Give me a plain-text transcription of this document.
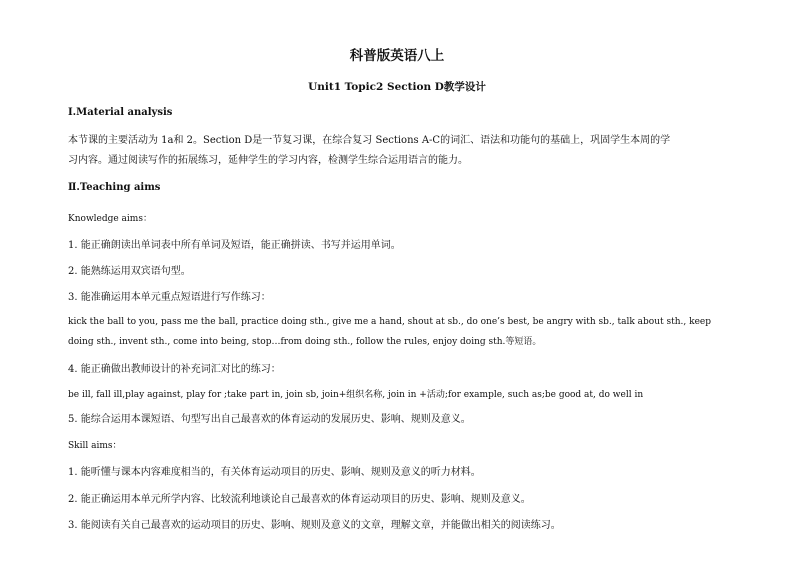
科普版英语八上
Unit1 Topic2 Section D教学设计
Ⅰ.Material analysis
本节课的主要活动为 1a和 2。Section D是一节复习课，在综合复习 Sections A-C的词汇、语法和功能句的基础上，巩固学生本周的学
习内容。通过阅读写作的拓展练习，延伸学生的学习内容，检测学生综合运用语言的能力。
Ⅱ.Teaching aims
Knowledge aims：
1. 能正确朗读出单词表中所有单词及短语，能正确拼读、书写并运用单词。
2. 能熟练运用双宾语句型。
3. 能准确运用本单元重点短语进行写作练习：
kick the ball to you, pass me the ball, practice doing sth., give me a hand, shout at sb., do one’s best, be angry with sb., talk about sth., keep
doing sth., invent sth., come into being, stop…from doing sth., follow the rules, enjoy doing sth.等短语。
4. 能正确做出教师设计的补充词汇对比的练习：
be ill, fall ill,play against, play for ;take part in, join sb, join+组织名称, join in +活动;for example, such as;be good at, do well in
5. 能综合运用本课短语、句型写出自己最喜欢的体育运动的发展历史、影响、规则及意义。
Skill aims：
1. 能听懂与课本内容难度相当的，有关体育运动项目的历史、影响、规则及意义的听力材料。
2. 能正确运用本单元所学内容、比较流利地谈论自己最喜欢的体育运动项目的历史、影响、规则及意义。
3. 能阅读有关自己最喜欢的运动项目的历史、影响、规则及意义的文章，理解文章，并能做出相关的阅读练习。
